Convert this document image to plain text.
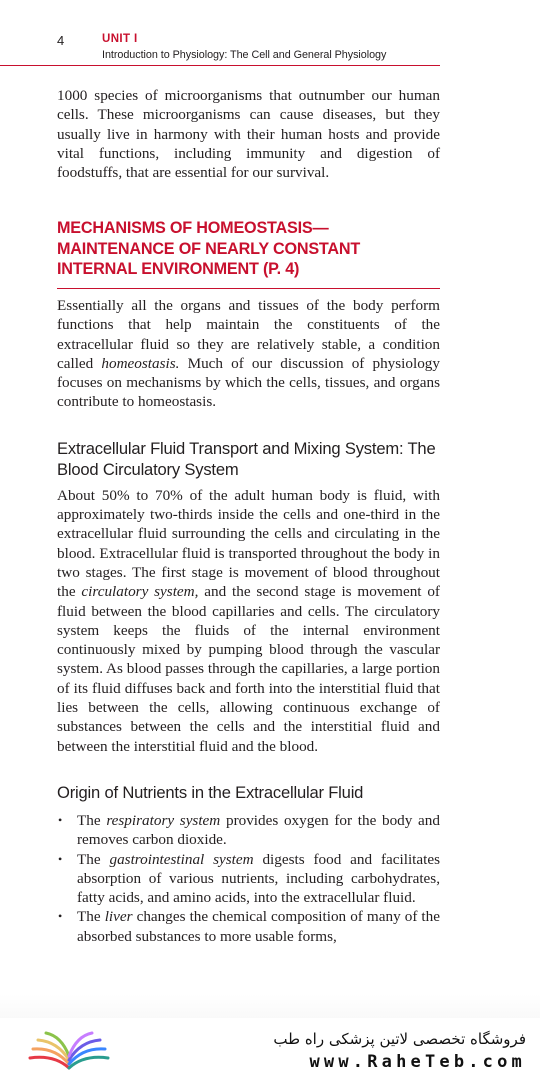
4	UNIT I
Introduction to Physiology: The Cell and General Physiology

1000 species of microorganisms that outnumber our human cells. These microorganisms can cause diseases, but they usually live in harmony with their human hosts and provide vital functions, including immunity and digestion of foodstuffs, that are essential for our survival.

MECHANISMS OF HOMEOSTASIS— MAINTENANCE OF NEARLY CONSTANT INTERNAL ENVIRONMENT (P. 4)

Essentially all the organs and tissues of the body perform functions that help maintain the constituents of the extracellular fluid so they are relatively stable, a condition called homeostasis. Much of our discussion of physiology focuses on mechanisms by which the cells, tissues, and organs contribute to homeostasis.

Extracellular Fluid Transport and Mixing System: The Blood Circulatory System

About 50% to 70% of the adult human body is fluid, with approximately two-thirds inside the cells and one-third in the extracellular fluid surrounding the cells and circulating in the blood. Extracellular fluid is transported throughout the body in two stages. The first stage is movement of blood throughout the circulatory system, and the second stage is movement of fluid between the blood capillaries and cells. The circulatory system keeps the fluids of the internal environment continuously mixed by pumping blood through the vascular system. As blood passes through the capillaries, a large portion of its fluid diffuses back and forth into the interstitial fluid that lies between the cells, allowing continuous exchange of substances between the cells and the interstitial fluid and between the interstitial fluid and the blood.

Origin of Nutrients in the Extracellular Fluid
• The respiratory system provides oxygen for the body and removes carbon dioxide.
• The gastrointestinal system digests food and facilitates absorption of various nutrients, including carbohydrates, fatty acids, and amino acids, into the extracellular fluid.
• The liver changes the chemical composition of many of the absorbed substances to more usable forms,
فروشگاه تخصصی لاتین پزشکی راه طب
www.RaheTeb.com
